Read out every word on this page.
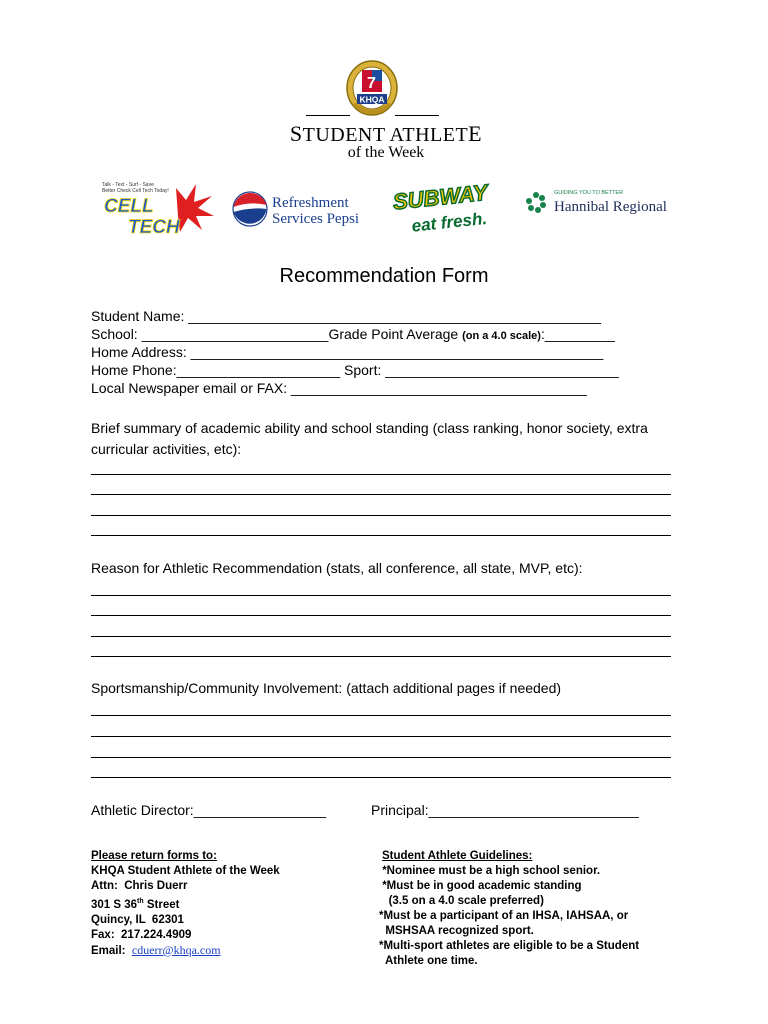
7
KHQA
STUDENT ATHLETE
of the Week
Talk - Text - Surf - Save
Better Check Cell Tech Today!
CELL
TECH
Refreshment
Services Pepsi
SUBWAY
eat fresh.
GUIDING YOU TO BETTER
Hannibal Regional
Recommendation Form
Student Name: _____________________________________________________
School: ________________________Grade Point Average (on a 4.0 scale):_________
Home Address: _____________________________________________________
Home Phone:_____________________ Sport: ______________________________
Local Newspaper email or FAX: ______________________________________
Brief summary of academic ability and school standing (class ranking, honor society, extra curricular activities, etc):
Reason for Athletic Recommendation (stats, all conference, all state, MVP, etc):
Sportsmanship/Community Involvement: (attach additional pages if needed)
Athletic Director:_________________	Principal:___________________________

Please return forms to:
KHQA Student Athlete of the Week
Attn:  Chris Duerr
301 S 36th Street
Quincy, IL  62301
Fax:  217.224.4909
Email:  cduerr@khqa.com

Student Athlete Guidelines:
*Nominee must be a high school senior.
*Must be in good academic standing
(3.5 on a 4.0 scale preferred)
*Must be a participant of an IHSA, IAHSAA, or
MSHSAA recognized sport.
*Multi-sport athletes are eligible to be a Student
Athlete one time.
